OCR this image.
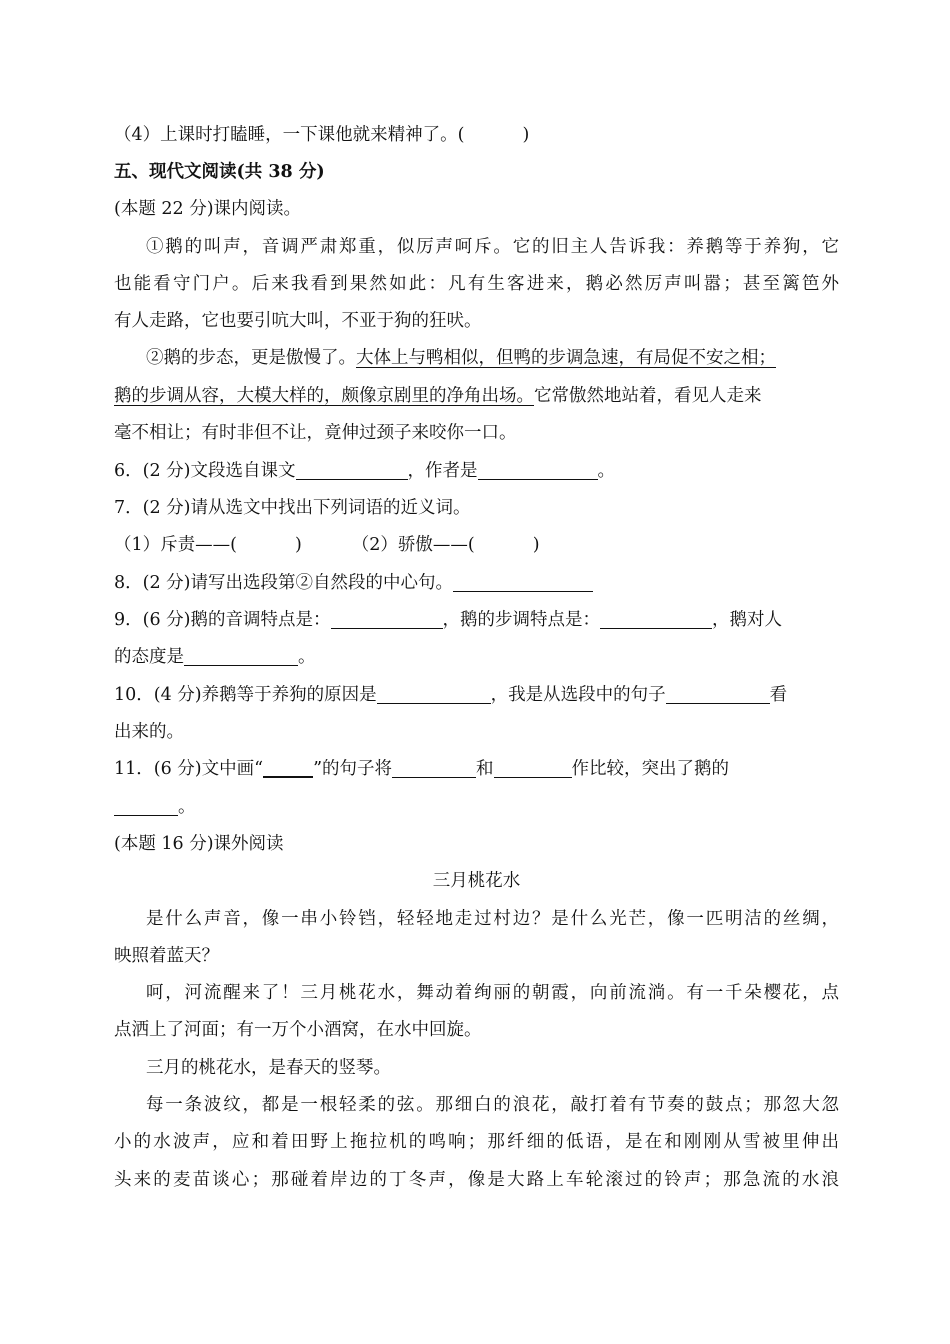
（4）上课时打瞌睡，一下课他就来精神了。(	)
五、现代文阅读(共 38 分)
(本题 22 分)课内阅读。
①鹅的叫声，音调严肃郑重，似厉声呵斥。它的旧主人告诉我：养鹅等于养狗，它
也能看守门户。后来我看到果然如此：凡有生客进来，鹅必然厉声叫嚣；甚至篱笆外
有人走路，它也要引吭大叫，不亚于狗的狂吠。
②鹅的步态，更是傲慢了。大体上与鸭相似，但鸭的步调急速，有局促不安之相；
鹅的步调从容，大模大样的，颇像京剧里的净角出场。它常傲然地站着，看见人走来
毫不相让；有时非但不让，竟伸过颈子来咬你一口。
6．(2 分)文段选自课文	，作者是	。
7．(2 分)请从选文中找出下列词语的近义词。
（1）斥责——(	)	（2）骄傲——(	)
8．(2 分)请写出选段第②自然段的中心句。
9．(6 分)鹅的音调特点是：	，鹅的步调特点是：	，鹅对人
的态度是	。
10．(4 分)养鹅等于养狗的原因是	，我是从选段中的句子	看
出来的。
11．(6 分)文中画“	”的句子将	和	作比较，突出了鹅的
。
(本题 16 分)课外阅读
三月桃花水
是什么声音，像一串小铃铛，轻轻地走过村边？是什么光芒，像一匹明洁的丝绸，
映照着蓝天？
呵，河流醒来了！三月桃花水，舞动着绚丽的朝霞，向前流淌。有一千朵樱花，点
点洒上了河面；有一万个小酒窝，在水中回旋。
三月的桃花水，是春天的竖琴。
每一条波纹，都是一根轻柔的弦。那细白的浪花，敲打着有节奏的鼓点；那忽大忽
小的水波声，应和着田野上拖拉机的鸣响；那纤细的低语，是在和刚刚从雪被里伸出
头来的麦苗谈心；那碰着岸边的丁冬声，像是大路上车轮滚过的铃声；那急流的水浪
